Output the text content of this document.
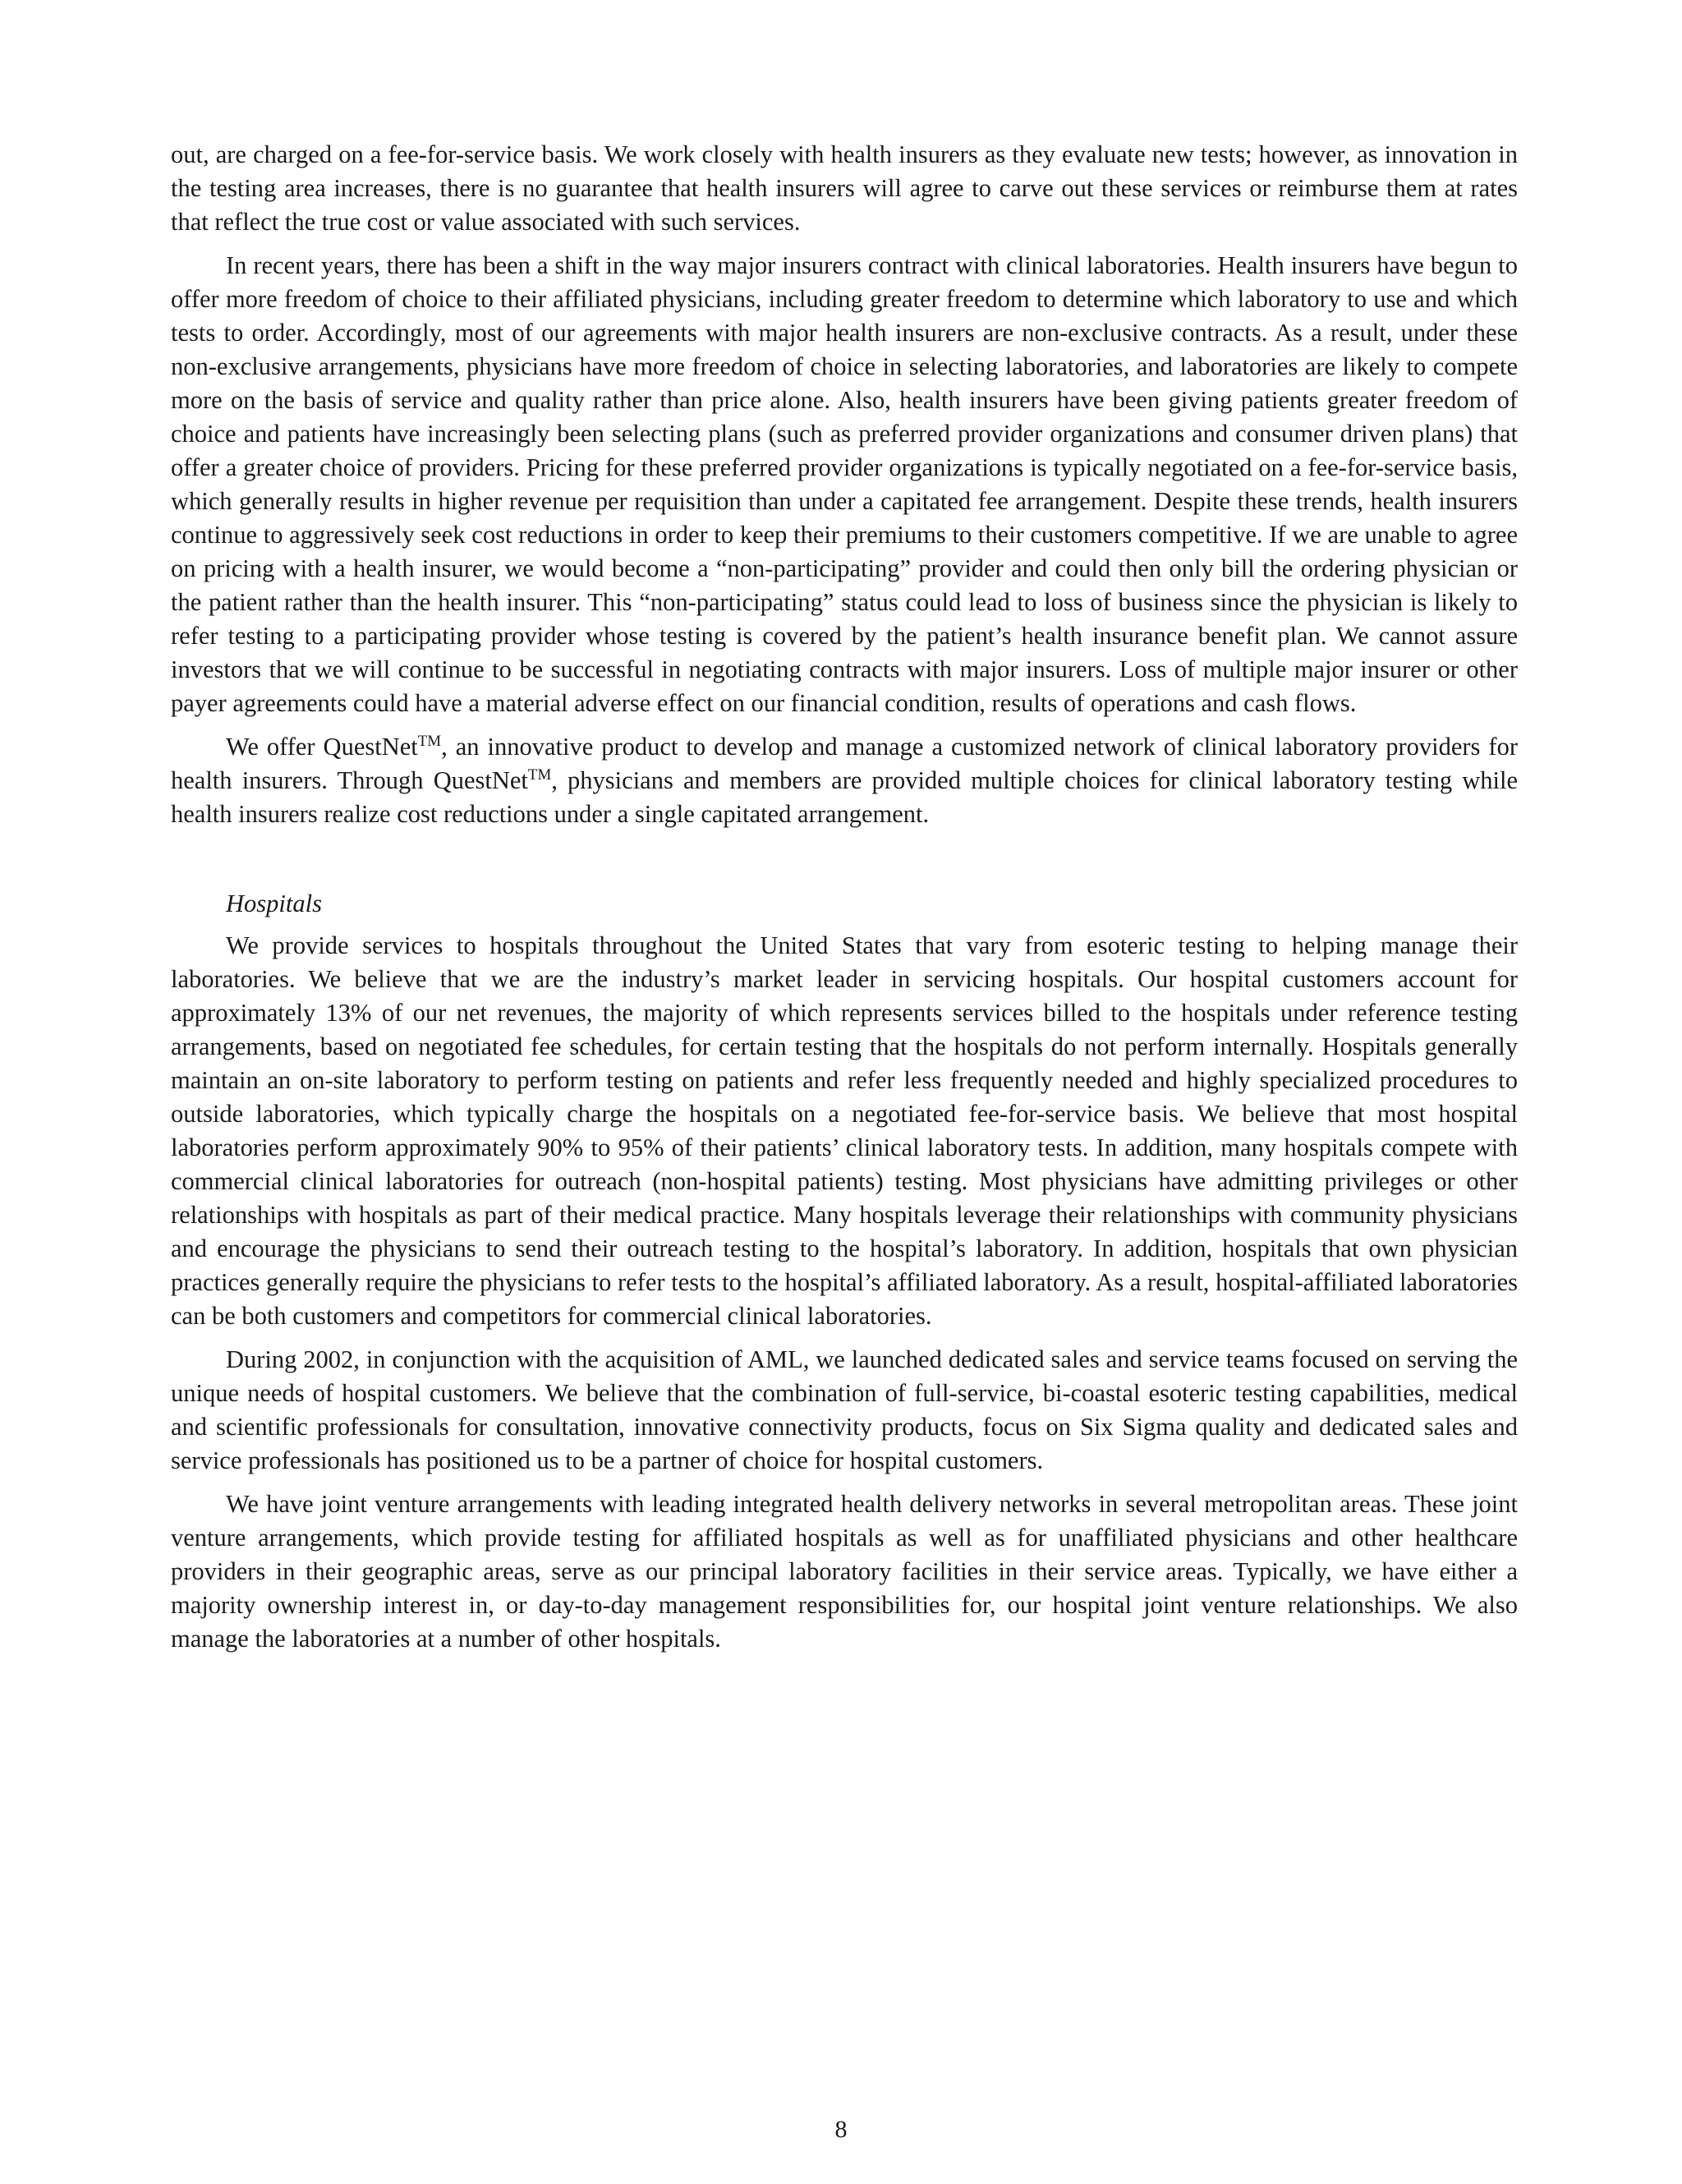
out, are charged on a fee-for-service basis. We work closely with health insurers as they evaluate new tests; however, as innovation in the testing area increases, there is no guarantee that health insurers will agree to carve out these services or reimburse them at rates that reflect the true cost or value associated with such services.

In recent years, there has been a shift in the way major insurers contract with clinical laboratories. Health insurers have begun to offer more freedom of choice to their affiliated physicians, including greater freedom to determine which laboratory to use and which tests to order. Accordingly, most of our agreements with major health insurers are non-exclusive contracts. As a result, under these non-exclusive arrangements, physicians have more freedom of choice in selecting laboratories, and laboratories are likely to compete more on the basis of service and quality rather than price alone. Also, health insurers have been giving patients greater freedom of choice and patients have increasingly been selecting plans (such as preferred provider organizations and consumer driven plans) that offer a greater choice of providers. Pricing for these preferred provider organizations is typically negotiated on a fee-for-service basis, which generally results in higher revenue per requisition than under a capitated fee arrangement. Despite these trends, health insurers continue to aggressively seek cost reductions in order to keep their premiums to their customers competitive. If we are unable to agree on pricing with a health insurer, we would become a “non-participating” provider and could then only bill the ordering physician or the patient rather than the health insurer. This “non-participating” status could lead to loss of business since the physician is likely to refer testing to a participating provider whose testing is covered by the patient’s health insurance benefit plan. We cannot assure investors that we will continue to be successful in negotiating contracts with major insurers. Loss of multiple major insurer or other payer agreements could have a material adverse effect on our financial condition, results of operations and cash flows.

We offer QuestNet™, an innovative product to develop and manage a customized network of clinical laboratory providers for health insurers. Through QuestNet™, physicians and members are provided multiple choices for clinical laboratory testing while health insurers realize cost reductions under a single capitated arrangement.

Hospitals

We provide services to hospitals throughout the United States that vary from esoteric testing to helping manage their laboratories. We believe that we are the industry’s market leader in servicing hospitals. Our hospital customers account for approximately 13% of our net revenues, the majority of which represents services billed to the hospitals under reference testing arrangements, based on negotiated fee schedules, for certain testing that the hospitals do not perform internally. Hospitals generally maintain an on-site laboratory to perform testing on patients and refer less frequently needed and highly specialized procedures to outside laboratories, which typically charge the hospitals on a negotiated fee-for-service basis. We believe that most hospital laboratories perform approximately 90% to 95% of their patients’ clinical laboratory tests. In addition, many hospitals compete with commercial clinical laboratories for outreach (non-hospital patients) testing. Most physicians have admitting privileges or other relationships with hospitals as part of their medical practice. Many hospitals leverage their relationships with community physicians and encourage the physicians to send their outreach testing to the hospital’s laboratory. In addition, hospitals that own physician practices generally require the physicians to refer tests to the hospital’s affiliated laboratory. As a result, hospital-affiliated laboratories can be both customers and competitors for commercial clinical laboratories.

During 2002, in conjunction with the acquisition of AML, we launched dedicated sales and service teams focused on serving the unique needs of hospital customers. We believe that the combination of full-service, bi-coastal esoteric testing capabilities, medical and scientific professionals for consultation, innovative connectivity products, focus on Six Sigma quality and dedicated sales and service professionals has positioned us to be a partner of choice for hospital customers.

We have joint venture arrangements with leading integrated health delivery networks in several metropolitan areas. These joint venture arrangements, which provide testing for affiliated hospitals as well as for unaffiliated physicians and other healthcare providers in their geographic areas, serve as our principal laboratory facilities in their service areas. Typically, we have either a majority ownership interest in, or day-to-day management responsibilities for, our hospital joint venture relationships. We also manage the laboratories at a number of other hospitals.

8
